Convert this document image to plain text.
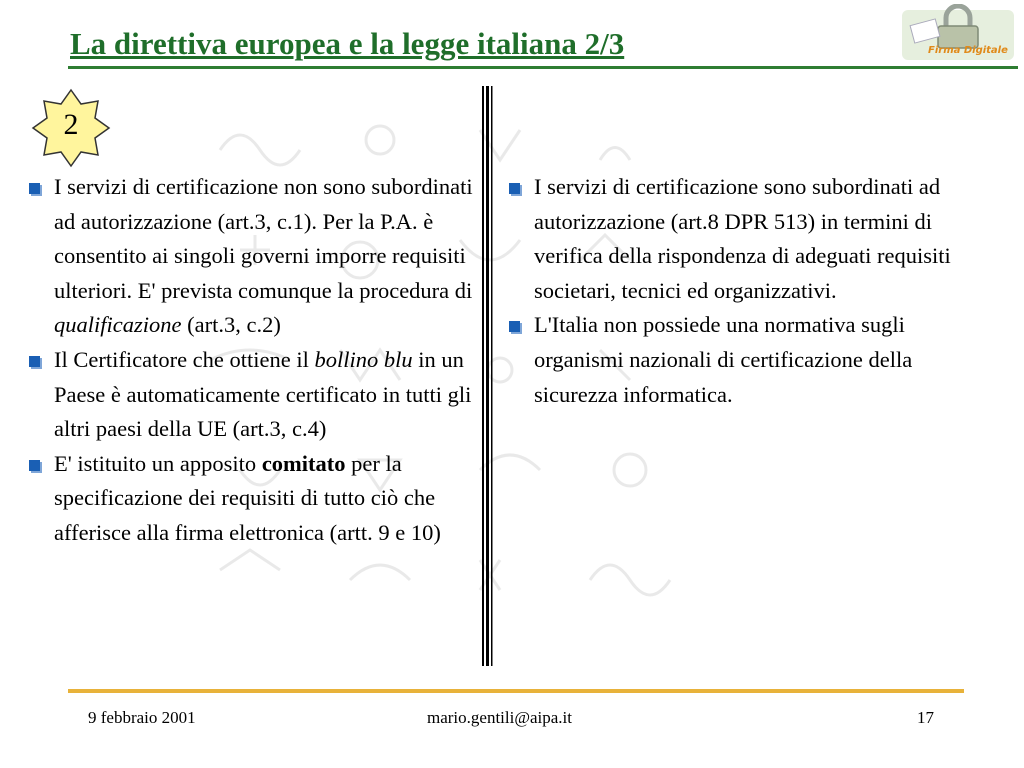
La direttiva europea e la legge italiana 2/3	Firma Digitale
2
I servizi di certificazione non sono subordinati ad autorizzazione (art.3, c.1). Per la P.A. è consentito ai singoli governi imporre requisiti ulteriori. E' prevista comunque la procedura di qualificazione (art.3, c.2)
Il Certificatore che ottiene il bollino blu in un Paese è automaticamente certificato in tutti gli altri paesi della UE (art.3, c.4)
E' istituito un apposito comitato per la specificazione dei requisiti di tutto ciò che afferisce alla firma elettronica (artt. 9 e 10)
I servizi di certificazione sono subordinati ad autorizzazione (art.8 DPR 513) in termini di verifica della rispondenza di adeguati requisiti societari, tecnici ed organizzativi.
L'Italia non possiede una normativa sugli organismi nazionali di certificazione della sicurezza informatica.
9 febbraio 2001	mario.gentili@aipa.it	17
